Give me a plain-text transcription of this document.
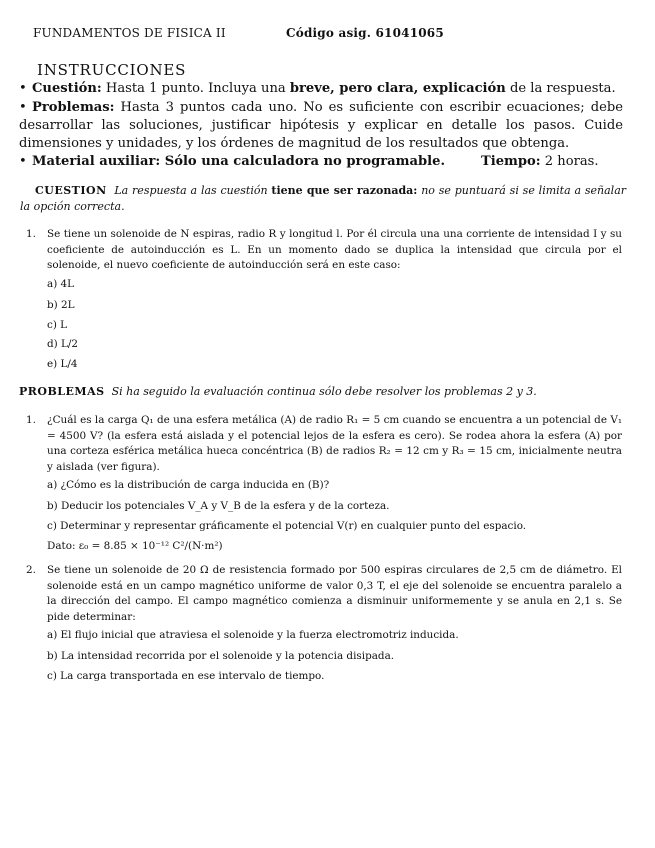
FUNDAMENTOS DE FISICA II	Código asig. 61041065
INSTRUCCIONES
• Cuestión: Hasta 1 punto. Incluya una breve, pero clara, explicación de la respuesta.
• Problemas: Hasta 3 puntos cada uno. No es suficiente con escribir ecuaciones; debe desarrollar las soluciones, justificar hipótesis y explicar en detalle los pasos. Cuide dimensiones y unidades, y los órdenes de magnitud de los resultados que obtenga.
• Material auxiliar: Sólo una calculadora no programable.	Tiempo: 2 horas.
CUESTION La respuesta a las cuestión tiene que ser razonada: no se puntuará si se limita a señalar la opción correcta.
1. Se tiene un solenoide de N espiras, radio R y longitud l. Por él circula una una corriente de intensidad I y su coeficiente de autoinducción es L. En un momento dado se duplica la intensidad que circula por el solenoide, el nuevo coeficiente de autoinducción será en este caso:
a) 4L
b) 2L
c) L
d) L/2
e) L/4
PROBLEMAS Si ha seguido la evaluación continua sólo debe resolver los problemas 2 y 3.
1. ¿Cuál es la carga Q₁ de una esfera metálica (A) de radio R₁ = 5 cm cuando se encuentra a un potencial de V₁ = 4500 V? (la esfera está aislada y el potencial lejos de la esfera es cero). Se rodea ahora la esfera (A) por una corteza esférica metálica hueca concéntrica (B) de radios R₂ = 12 cm y R₃ = 15 cm, inicialmente neutra y aislada (ver figura).
a) ¿Cómo es la distribución de carga inducida en (B)?
b) Deducir los potenciales V_A y V_B de la esfera y de la corteza.
c) Determinar y representar gráficamente el potencial V(r) en cualquier punto del espacio.
Dato: ε₀ = 8.85 × 10⁻¹² C²/(N·m²)
2. Se tiene un solenoide de 20 Ω de resistencia formado por 500 espiras circulares de 2,5 cm de diámetro. El solenoide está en un campo magnético uniforme de valor 0,3 T, el eje del solenoide se encuentra paralelo a la dirección del campo. El campo magnético comienza a disminuir uniformemente y se anula en 2,1 s. Se pide determinar:
a) El flujo inicial que atraviesa el solenoide y la fuerza electromotriz inducida.
b) La intensidad recorrida por el solenoide y la potencia disipada.
c) La carga transportada en ese intervalo de tiempo.
